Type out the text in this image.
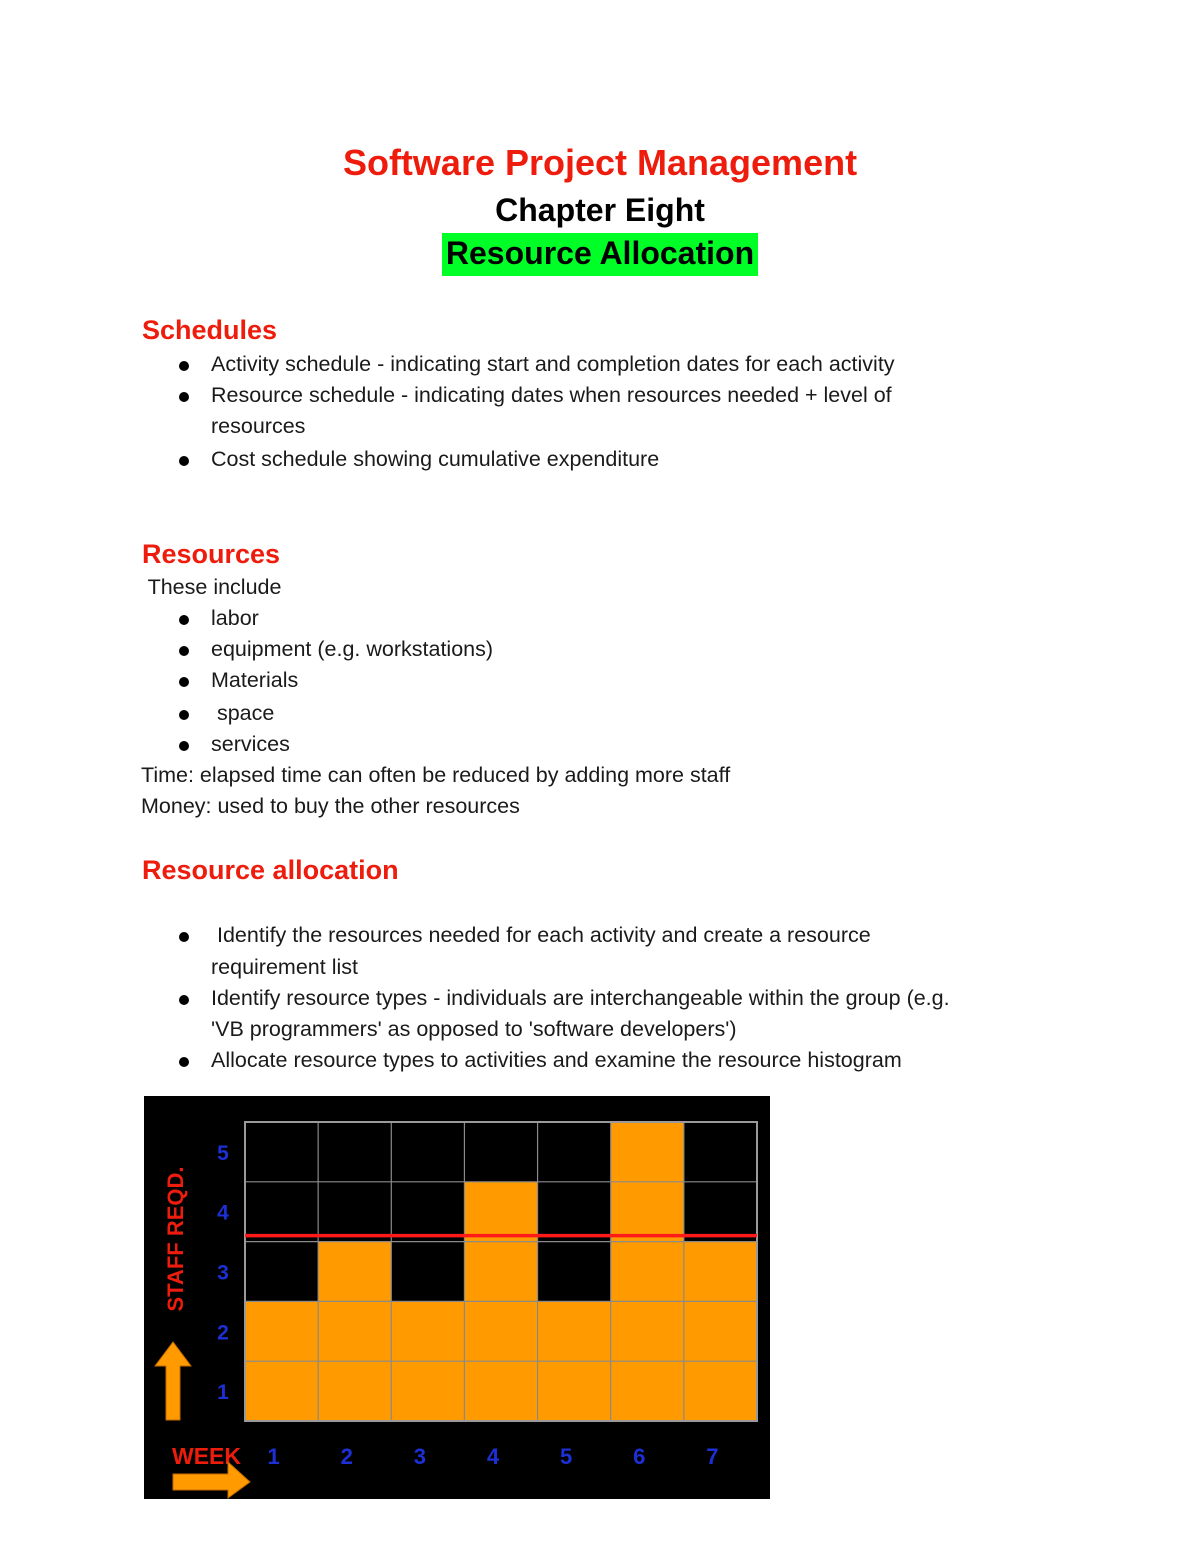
Software Project Management
Chapter Eight
Resource Allocation
Schedules
Activity schedule - indicating start and completion dates for each activity
Resource schedule - indicating dates when resources needed + level of
resources
Cost schedule showing cumulative expenditure
Resources
These include
labor
equipment (e.g. workstations)
Materials
space
services
Time: elapsed time can often be reduced by adding more staff
Money: used to buy the other resources
Resource allocation
Identify the resources needed for each activity and create a resource
requirement list
Identify resource types - individuals are interchangeable within the group (e.g.
'VB programmers' as opposed to 'software developers')
Allocate resource types to activities and examine the resource histogram
1
2
3
4
5
1	2	3	4	5	6	7
STAFF REQD.
WEEK
